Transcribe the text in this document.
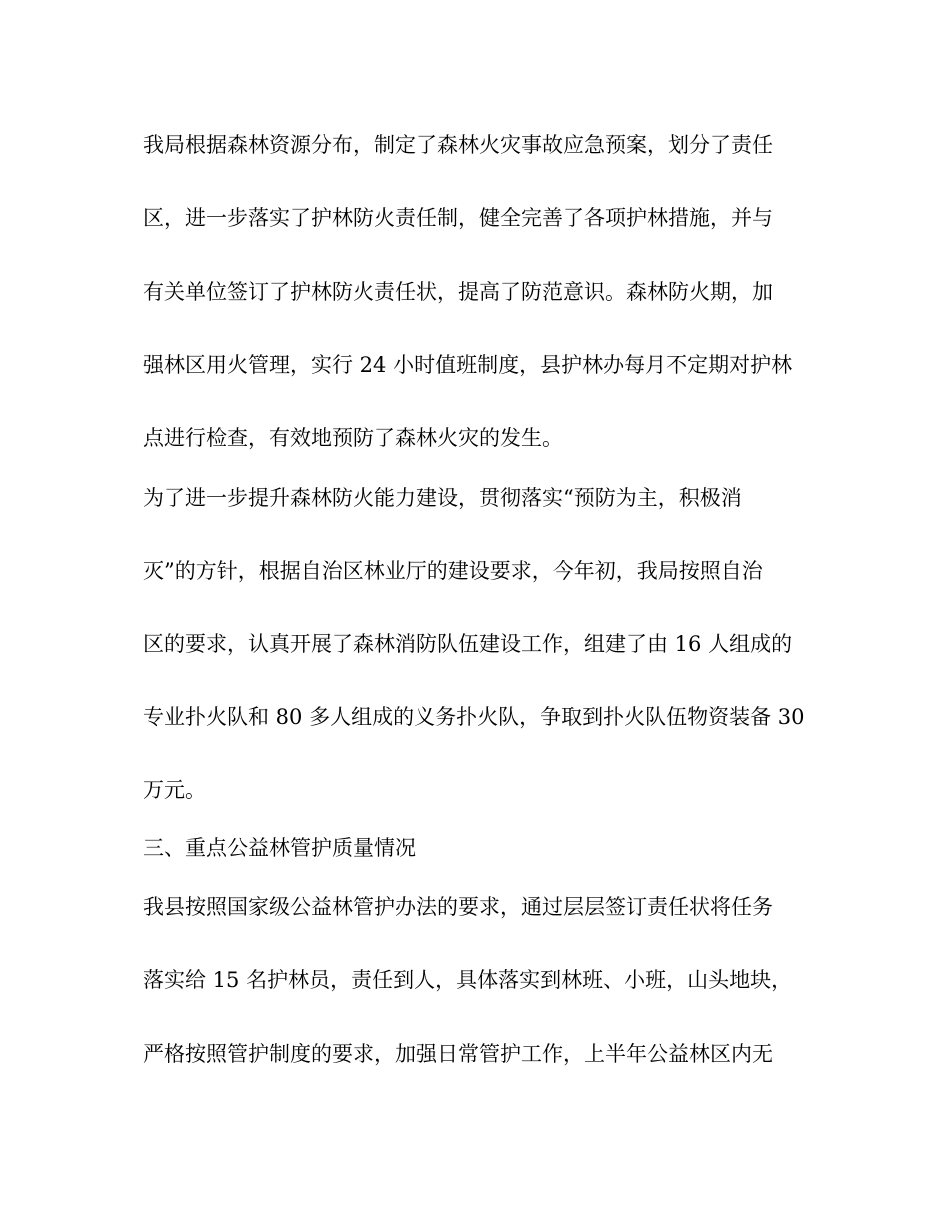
我局根据森林资源分布，制定了森林火灾事故应急预案，划分了责任
区，进一步落实了护林防火责任制，健全完善了各项护林措施，并与
有关单位签订了护林防火责任状，提高了防范意识。森林防火期，加
强林区用火管理，实行 24 小时值班制度，县护林办每月不定期对护林
点进行检查，有效地预防了森林火灾的发生。
为了进一步提升森林防火能力建设，贯彻落实“预防为主，积极消
灭”的方针，根据自治区林业厅的建设要求，今年初，我局按照自治
区的要求，认真开展了森林消防队伍建设工作，组建了由 16 人组成的
专业扑火队和 80 多人组成的义务扑火队，争取到扑火队伍物资装备 30
万元。
三、重点公益林管护质量情况
我县按照国家级公益林管护办法的要求，通过层层签订责任状将任务
落实给 15 名护林员，责任到人，具体落实到林班、小班，山头地块，
严格按照管护制度的要求，加强日常管护工作，上半年公益林区内无
